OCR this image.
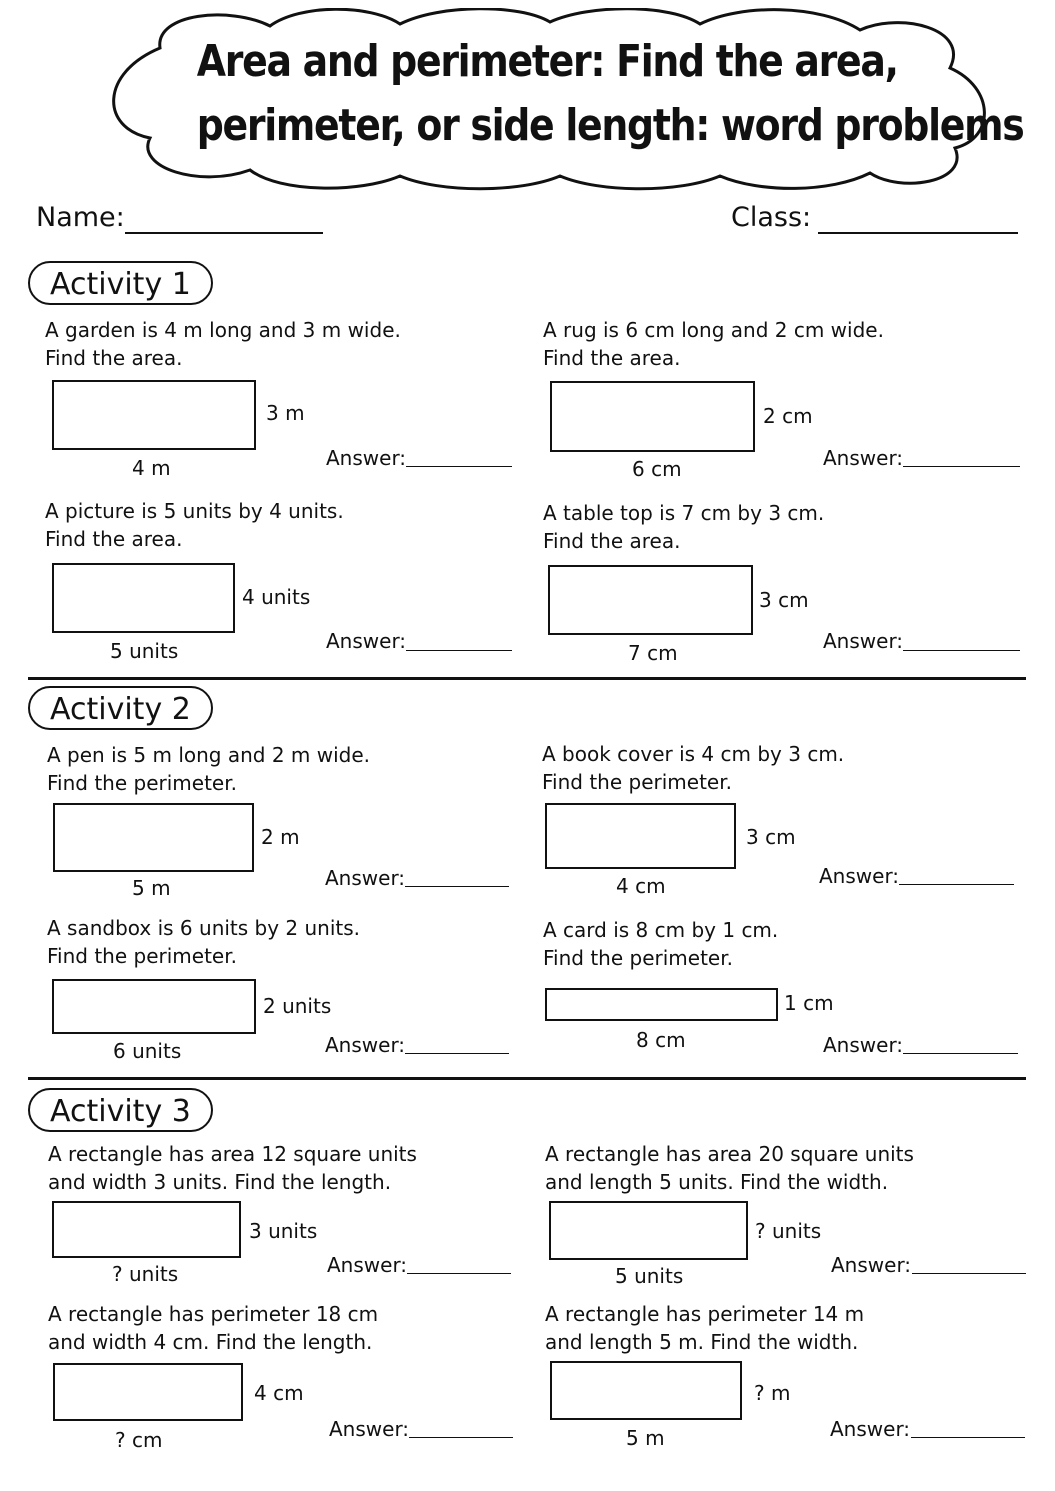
Area and perimeter: Find the area,
perimeter, or side length: word problems
Name:	Class:
Activity 1
Activity 2
Activity 3
A garden is 4 m long and 3 m wide.
Find the area.
3 m
4 m	Answer:
A rug is 6 cm long and 2 cm wide.
Find the area.
2 cm
6 cm	Answer:
A picture is 5 units by 4 units.
Find the area.
4 units
5 units	Answer:
A table top is 7 cm by 3 cm.
Find the area.
3 cm
7 cm	Answer:
A pen is 5 m long and 2 m wide.
Find the perimeter.
2 m
5 m	Answer:
A book cover is 4 cm by 3 cm.
Find the perimeter.
3 cm
4 cm	Answer:
A sandbox is 6 units by 2 units.
Find the perimeter.
2 units
6 units	Answer:
A card is 8 cm by 1 cm.
Find the perimeter.
1 cm
8 cm	Answer:
A rectangle has area 12 square units
and width 3 units. Find the length.
3 units
? units	Answer:
A rectangle has area 20 square units
and length 5 units. Find the width.
? units
5 units	Answer:
A rectangle has perimeter 18 cm
and width 4 cm. Find the length.
4 cm
? cm	Answer:
A rectangle has perimeter 14 m
and length 5 m. Find the width.
? m
5 m	Answer:
